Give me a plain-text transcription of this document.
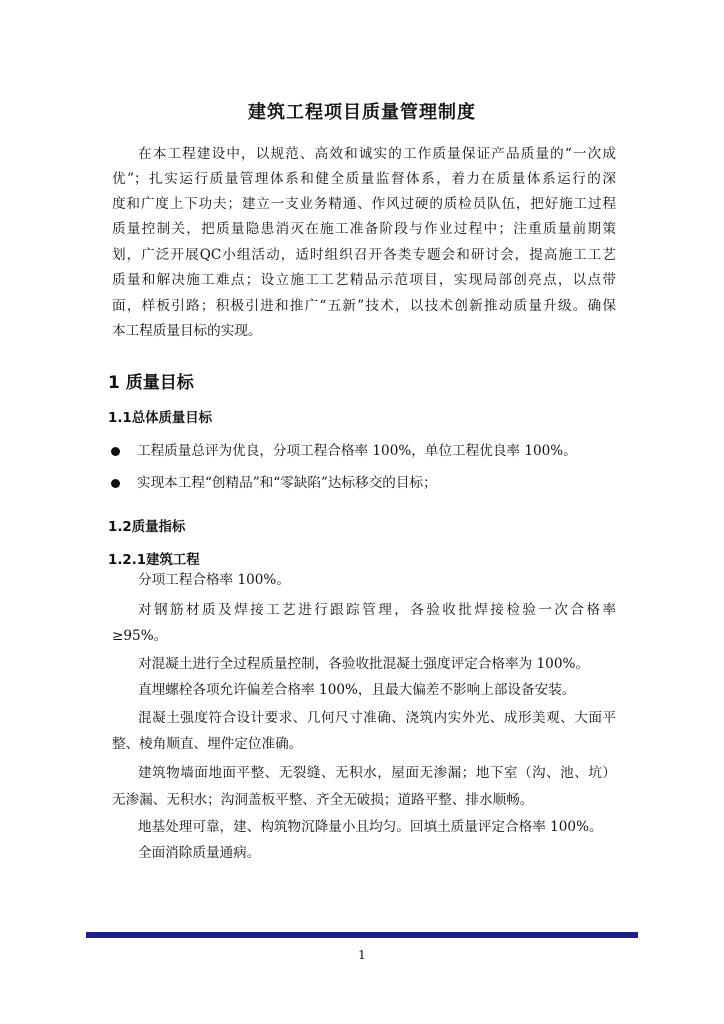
建筑工程项目质量管理制度
在本工程建设中，以规范、高效和诚实的工作质量保证产品质量的“一次成
优”；扎实运行质量管理体系和健全质量监督体系，着力在质量体系运行的深
度和广度上下功夫；建立一支业务精通、作风过硬的质检员队伍，把好施工过程
质量控制关，把质量隐患消灭在施工准备阶段与作业过程中；注重质量前期策
划，广泛开展QC小组活动，适时组织召开各类专题会和研讨会，提高施工工艺
质量和解决施工难点；设立施工工艺精品示范项目，实现局部创亮点，以点带
面，样板引路；积极引进和推广“五新”技术，以技术创新推动质量升级。确保
本工程质量目标的实现。
1 质量目标
1.1总体质量目标
工程质量总评为优良，分项工程合格率 100%，单位工程优良率 100%。
实现本工程“创精品”和“零缺陷”达标移交的目标；
1.2质量指标
1.2.1建筑工程
分项工程合格率 100%。
对钢筋材质及焊接工艺进行跟踪管理，各验收批焊接检验一次合格率
≥95%。
对混凝土进行全过程质量控制，各验收批混凝土强度评定合格率为 100%。
直埋螺栓各项允许偏差合格率 100%，且最大偏差不影响上部设备安装。
混凝土强度符合设计要求、几何尺寸准确、浇筑内实外光、成形美观、大面平
整、棱角顺直、埋件定位准确。
建筑物墙面地面平整、无裂缝、无积水，屋面无渗漏；地下室（沟、池、坑）
无渗漏、无积水；沟洞盖板平整、齐全无破损；道路平整、排水顺畅。
地基处理可靠，建、构筑物沉降量小且均匀。回填土质量评定合格率 100%。
全面消除质量通病。
1
